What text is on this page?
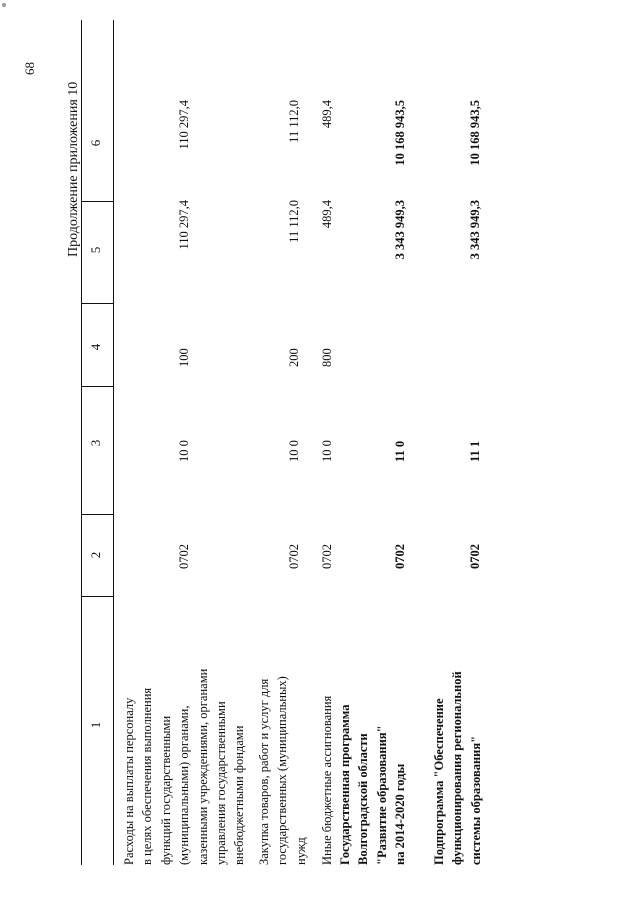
68
Продолжение приложения 10
1
2
3
4
5
6
Расходы на выплаты персоналу в целях обеспечения выполнения функций государственными (муниципальными) органами, казенными учреждениями, органами управления государственными внебюджетными фондами
0702
10 0
100
110 297,4
110 297,4
Закупка товаров, работ и услуг для государственных (муниципальных) нужд
0702
10 0
200
11 112,0
11 112,0
Иные бюджетные ассигнования
0702
10 0
800
489,4
489,4
Государственная программа Волгоградской области "Развитие образования" на 2014-2020 годы
0702
11 0
3 343 949,3
10 168 943,5
Подпрограмма "Обеспечение функционирования региональной системы образования"
0702
11 1
3 343 949,3
10 168 943,5
